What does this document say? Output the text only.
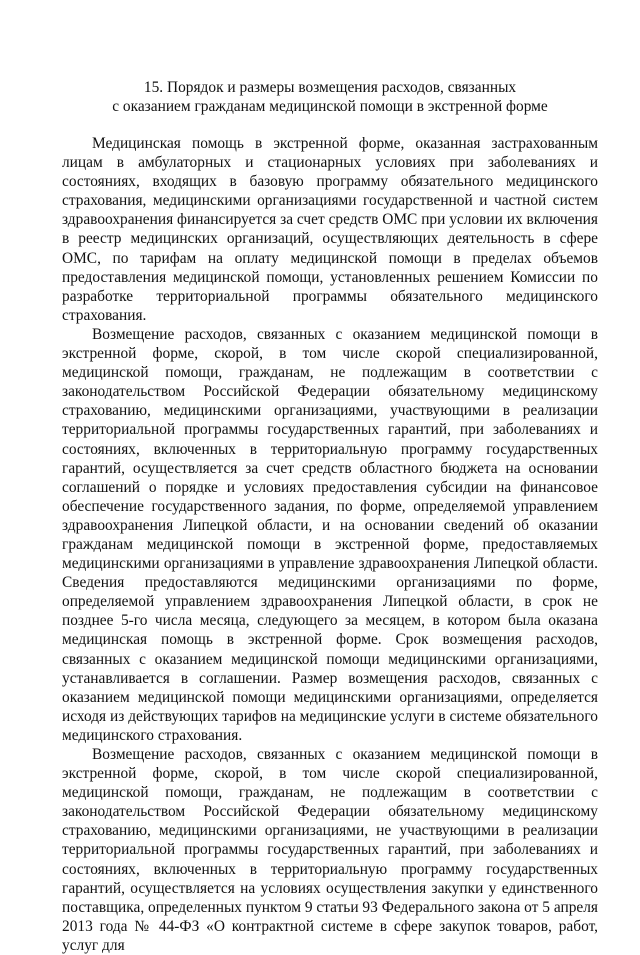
15. Порядок и размеры возмещения расходов, связанных
с оказанием гражданам медицинской помощи в экстренной форме

Медицинская помощь в экстренной форме, оказанная застрахованным лицам в амбулаторных и стационарных условиях при заболеваниях и состояниях, входящих в базовую программу обязательного медицинского страхования, медицинскими организациями государственной и частной систем здравоохранения финансируется за счет средств ОМС при условии их включения в реестр медицинских организаций, осуществляющих деятельность в сфере ОМС, по тарифам на оплату медицинской помощи в пределах объемов предоставления медицинской помощи, установленных решением Комиссии по разработке территориальной программы обязательного медицинского страхования.

Возмещение расходов, связанных с оказанием медицинской помощи в экстренной форме, скорой, в том числе скорой специализированной, медицинской помощи, гражданам, не подлежащим в соответствии с законодательством Российской Федерации обязательному медицинскому страхованию, медицинскими организациями, участвующими в реализации территориальной программы государственных гарантий, при заболеваниях и состояниях, включенных в территориальную программу государственных гарантий, осуществляется за счет средств областного бюджета на основании соглашений о порядке и условиях предоставления субсидии на финансовое обеспечение государственного задания, по форме, определяемой управлением здравоохранения Липецкой области, и на основании сведений об оказании гражданам медицинской помощи в экстренной форме, предоставляемых медицинскими организациями в управление здравоохранения Липецкой области. Сведения предоставляются медицинскими организациями по форме, определяемой управлением здравоохранения Липецкой области, в срок не позднее 5-го числа месяца, следующего за месяцем, в котором была оказана медицинская помощь в экстренной форме. Срок возмещения расходов, связанных с оказанием медицинской помощи медицинскими организациями, устанавливается в соглашении. Размер возмещения расходов, связанных с оказанием медицинской помощи медицинскими организациями, определяется исходя из действующих тарифов на медицинские услуги в системе обязательного медицинского страхования.

Возмещение расходов, связанных с оказанием медицинской помощи в экстренной форме, скорой, в том числе скорой специализированной, медицинской помощи, гражданам, не подлежащим в соответствии с законодательством Российской Федерации обязательному медицинскому страхованию, медицинскими организациями, не участвующими в реализации территориальной программы государственных гарантий, при заболеваниях и состояниях, включенных в территориальную программу государственных гарантий, осуществляется на условиях осуществления закупки у единственного поставщика, определенных пунктом 9 статьи 93 Федерального закона от 5 апреля 2013 года № 44-ФЗ «О контрактной системе в сфере закупок товаров, работ, услуг для
